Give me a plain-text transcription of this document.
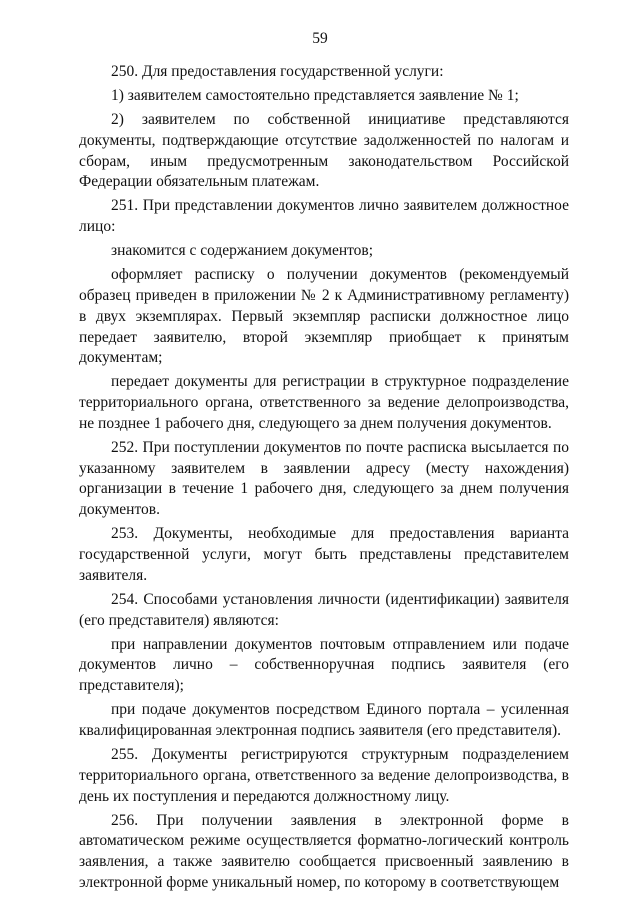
59

250. Для предоставления государственной услуги:

1) заявителем самостоятельно представляется заявление № 1;

2) заявителем по собственной инициативе представляются документы, подтверждающие отсутствие задолженностей по налогам и сборам, иным предусмотренным законодательством Российской Федерации обязательным платежам.

251. При представлении документов лично заявителем должностное лицо:

знакомится с содержанием документов;

оформляет расписку о получении документов (рекомендуемый образец приведен в приложении № 2 к Административному регламенту) в двух экземплярах. Первый экземпляр расписки должностное лицо передает заявителю, второй экземпляр приобщает к принятым документам;

передает документы для регистрации в структурное подразделение территориального органа, ответственного за ведение делопроизводства, не позднее 1 рабочего дня, следующего за днем получения документов.

252. При поступлении документов по почте расписка высылается по указанному заявителем в заявлении адресу (месту нахождения) организации в течение 1 рабочего дня, следующего за днем получения документов.

253. Документы, необходимые для предоставления варианта государственной услуги, могут быть представлены представителем заявителя.

254. Способами установления личности (идентификации) заявителя (его представителя) являются:

при направлении документов почтовым отправлением или подаче документов лично – собственноручная подпись заявителя (его представителя);

при подаче документов посредством Единого портала – усиленная квалифицированная электронная подпись заявителя (его представителя).

255. Документы регистрируются структурным подразделением территориального органа, ответственного за ведение делопроизводства, в день их поступления и передаются должностному лицу.

256. При получении заявления в электронной форме в автоматическом режиме осуществляется форматно-логический контроль заявления, а также заявителю сообщается присвоенный заявлению в электронной форме уникальный номер, по которому в соответствующем
